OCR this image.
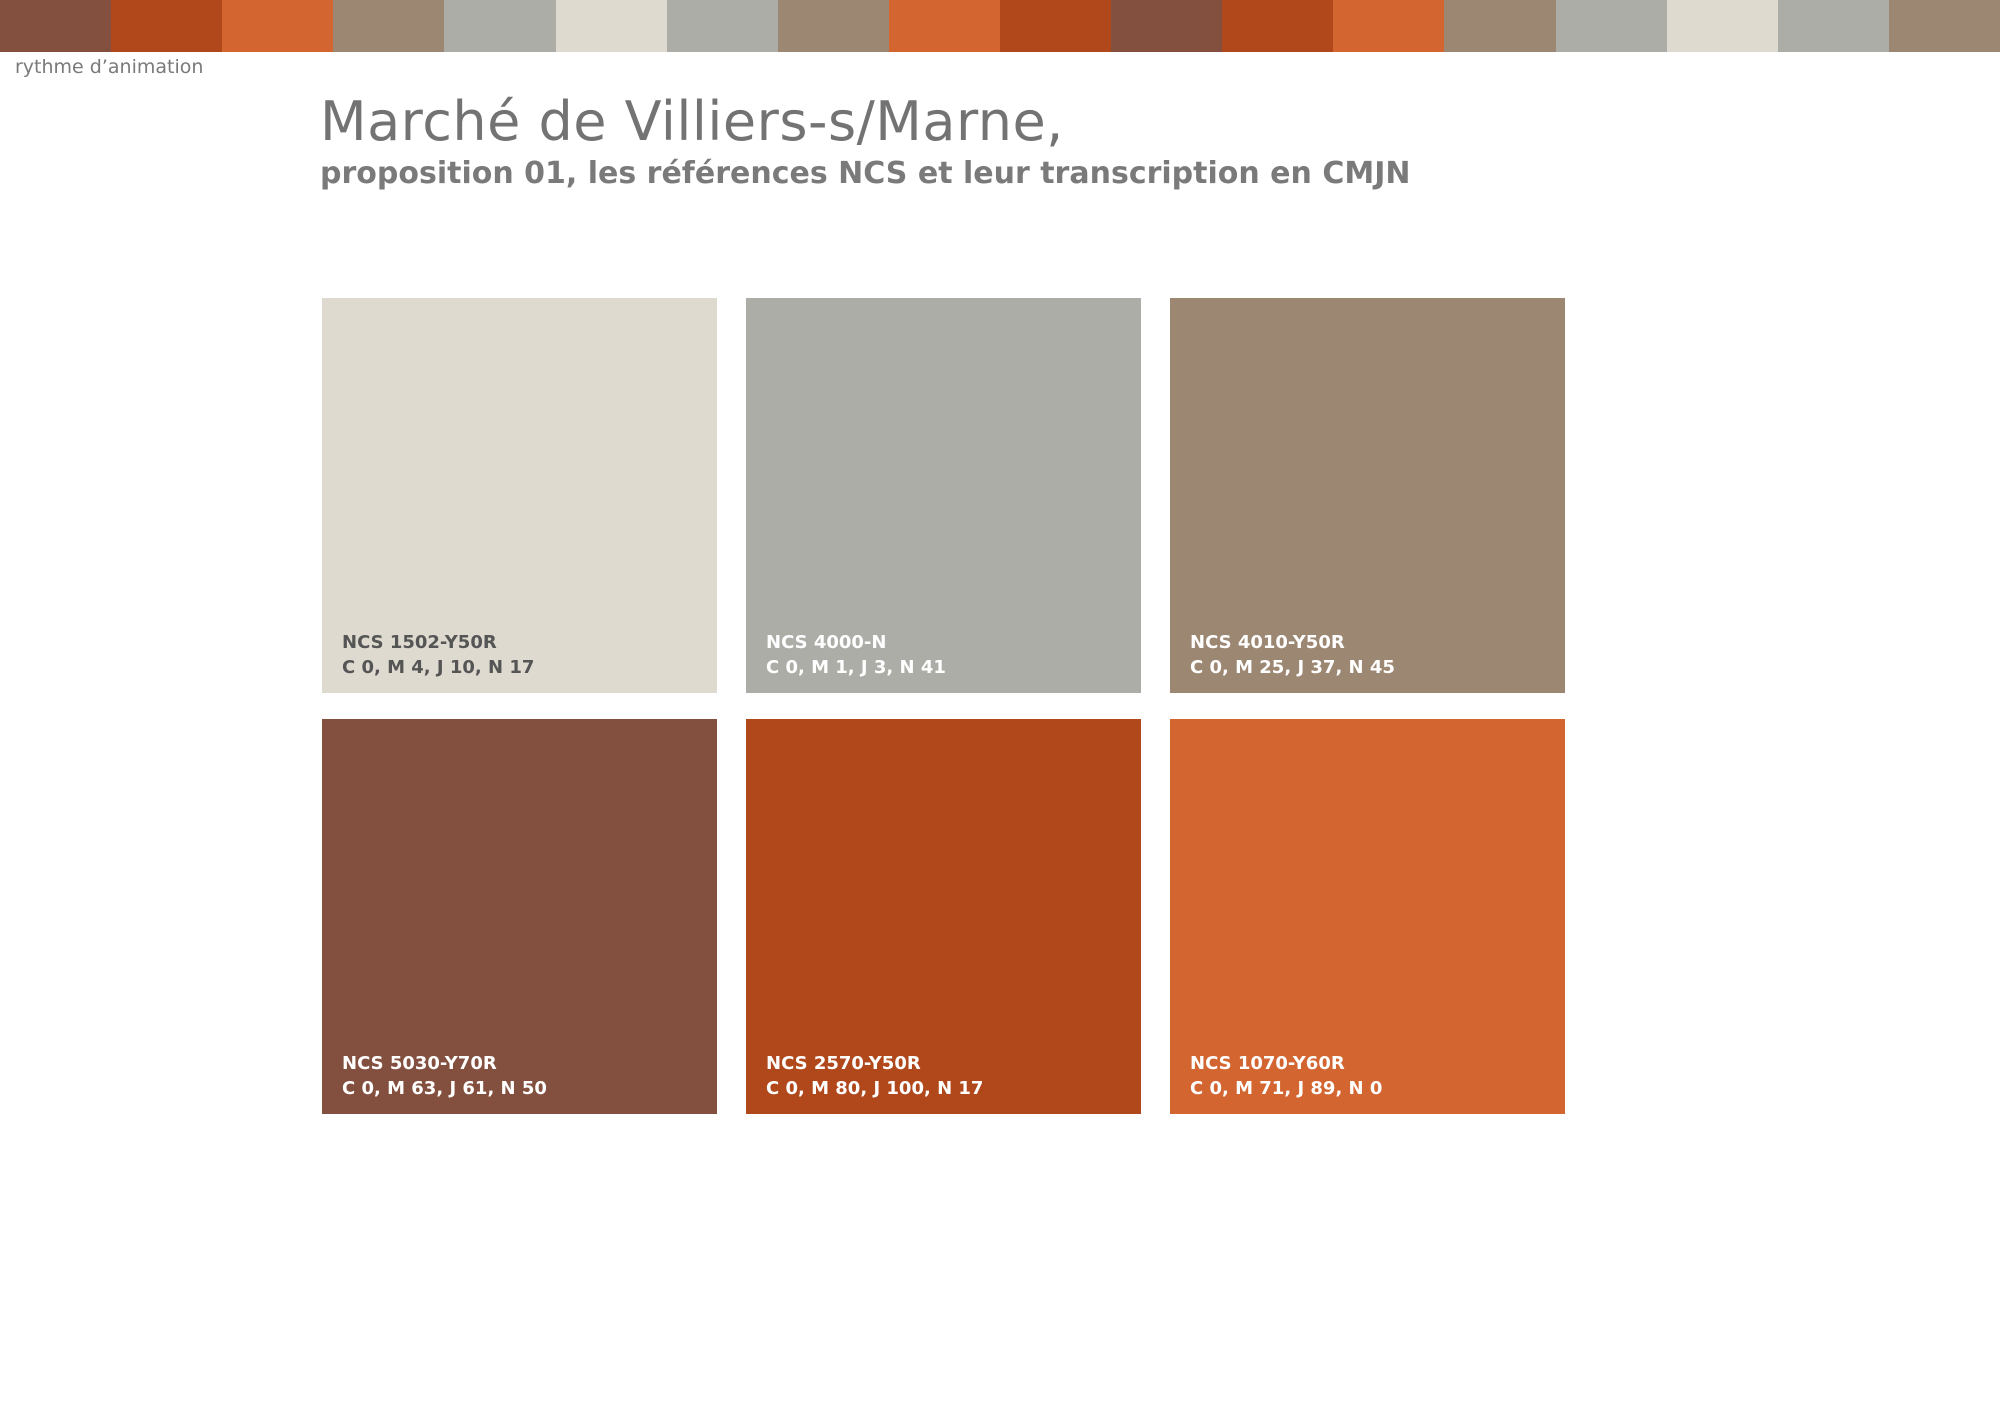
rythme d’animation
Marché de Villiers-s/Marne,
proposition 01, les références NCS et leur transcription en CMJN
NCS 1502-Y50R
C 0, M 4, J 10, N 17
NCS 4000-N
C 0, M 1, J 3, N 41
NCS 4010-Y50R
C 0, M 25, J 37, N 45
NCS 5030-Y70R
C 0, M 63, J 61, N 50
NCS 2570-Y50R
C 0, M 80, J 100, N 17
NCS 1070-Y60R
C 0, M 71, J 89, N 0
